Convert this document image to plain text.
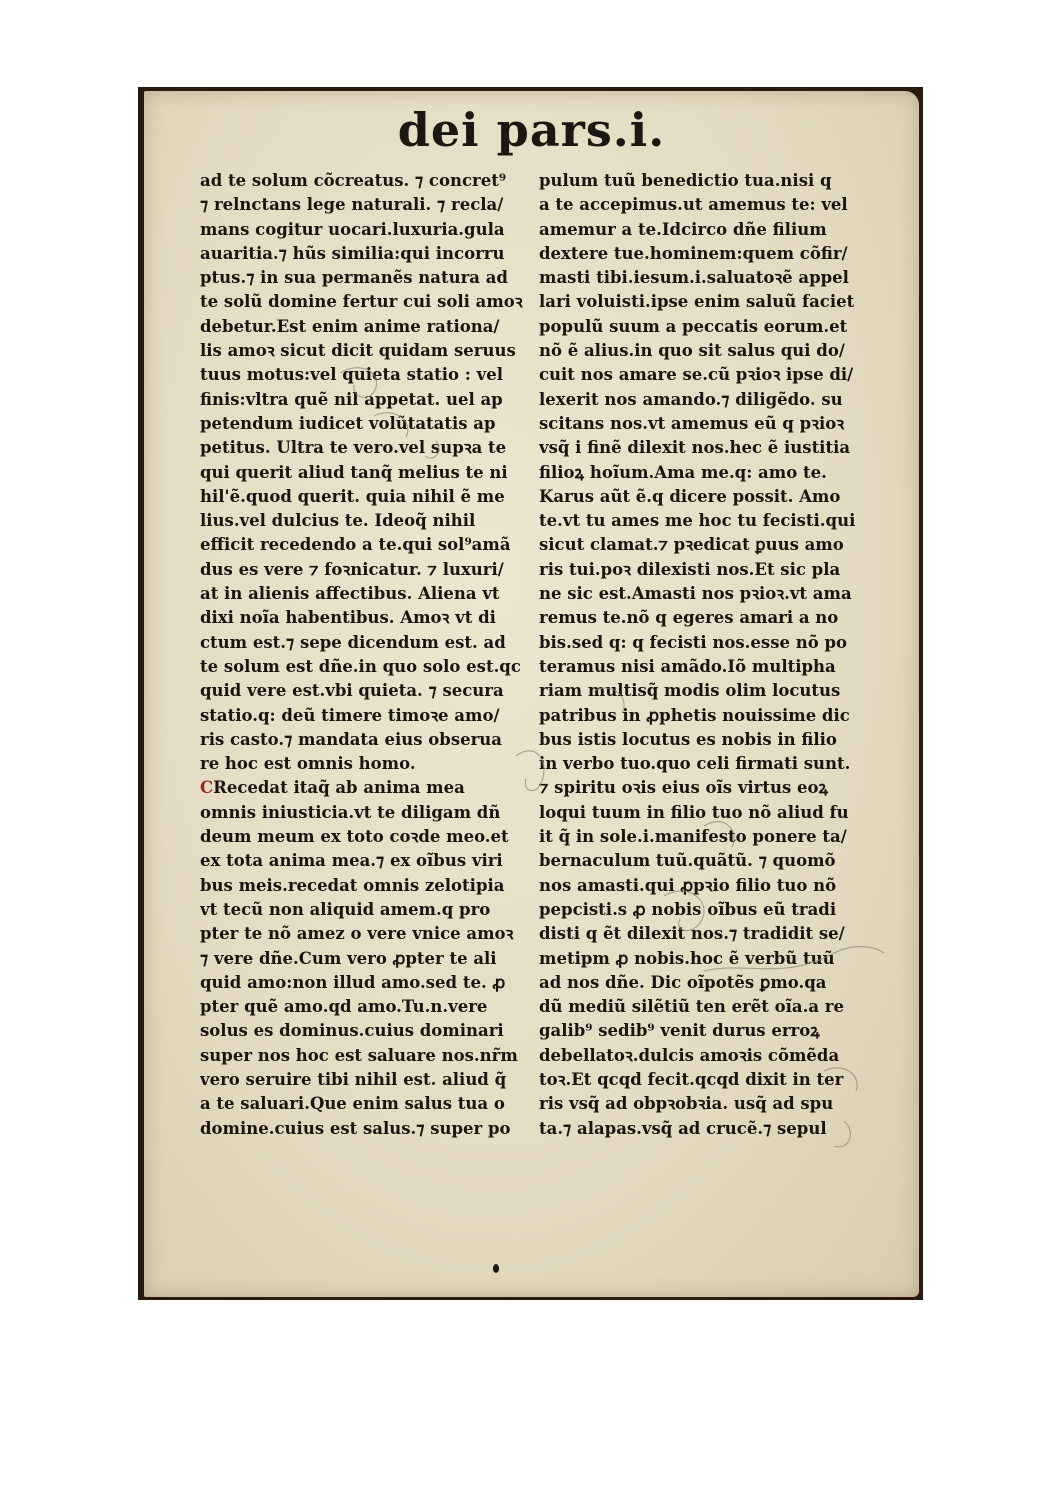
dei pars.i.
ad te solum cõcreatus. ⁊ concret⁹
⁊ relnctans lege naturali. ⁊ recla/
mans cogitur uocari.luxuria.gula
auaritia.⁊ hũs similia:qui incorru
ptus.⁊ in sua permanẽs natura ad
te solũ domine fertur cui soli amoꝛ
debetur.Est enim anime rationa/
lis amoꝛ sicut dicit quidam seruus
tuus motus:vel quieta statio : vel
finis:vltra quẽ nil appetat. uel ap
petendum iudicet volũtatatis ap
petitus. Ultra te vero.vel supꝛa te
qui querit aliud tanq̃ melius te ni
hil'ẽ.quod querit. quia nihil ẽ me
lius.vel dulcius te. Ideoq̃ nihil
efficit recedendo a te.qui sol⁹amã
dus es vere ⁊ foꝛnicatur. ⁊ luxuri/
at in alienis affectibus. Aliena vt
dixi noĩa habentibus. Amoꝛ vt di
ctum est.⁊ sepe dicendum est. ad
te solum est dñe.in quo solo est.qc
quid vere est.vbi quieta. ⁊ secura
statio.q: deũ timere timoꝛe amo/
ris casto.⁊ mandata eius obserua
re hoc est omnis homo.
CRecedat itaq̃ ab anima mea
omnis iniusticia.vt te diligam dñ
deum meum ex toto coꝛde meo.et
ex tota anima mea.⁊ ex oĩbus viri
bus meis.recedat omnis zelotipia
vt tecũ non aliquid amem.q pro
pter te nõ amez o vere vnice amoꝛ
⁊ vere dñe.Cum vero ꝓpter te ali
quid amo:non illud amo.sed te. ꝓ
pter quẽ amo.qd amo.Tu.n.vere
solus es dominus.cuius dominari
super nos hoc est saluare nos.nr̃m
vero seruire tibi nihil est. aliud q̃
a te saluari.Que enim salus tua o
domine.cuius est salus.⁊ super po
pulum tuũ benedictio tua.nisi q
a te accepimus.ut amemus te: vel
amemur a te.Idcirco dñe filium
dextere tue.hominem:quem cõfir/
masti tibi.iesum.i.saluatoꝛẽ appel
lari voluisti.ipse enim saluũ faciet
populũ suum a peccatis eorum.et
nõ ẽ alius.in quo sit salus qui do/
cuit nos amare se.cũ pꝛioꝛ ipse di/
lexerit nos amando.⁊ diligẽdo. su
scitans nos.vt amemus eũ q pꝛioꝛ
vsq̃ i finẽ dilexit nos.hec ẽ iustitia
filioꝝ hoĩum.Ama me.q: amo te.
Karus aũt ẽ.q dicere possit. Amo
te.vt tu ames me hoc tu fecisti.qui
sicut clamat.⁊ pꝛedicat ꝑuus amo
ris tui.poꝛ dilexisti nos.Et sic pla
ne sic est.Amasti nos pꝛioꝛ.vt ama
remus te.nõ q egeres amari a no
bis.sed q: q fecisti nos.esse nõ po
teramus nisi amãdo.Iõ multipha
riam multisq̃ modis olim locutus
patribus in ꝓphetis nouissime dic
bus istis locutus es nobis in filio
in verbo tuo.quo celi firmati sunt.
⁊ spiritu oꝛis eius oĩs virtus eoꝝ
loqui tuum in filio tuo nõ aliud fu
it q̃ in sole.i.manifesto ponere ta/
bernaculum tuũ.quãtũ. ⁊ quomõ
nos amasti.qui ꝓpꝛio filio tuo nõ
pepcisti.s ꝓ nobis oĩbus eũ tradi
disti q ẽt dilexit nos.⁊ tradidit se/
metipm ꝓ nobis.hoc ẽ verbũ tuũ
ad nos dñe. Dic oĩpotẽs ꝑmo.qa
dũ mediũ silẽtiũ ten erẽt oĩa.a re
galib⁹ sedib⁹ venit durus erroꝝ
debellatoꝛ.dulcis amoꝛis cõmẽda
toꝛ.Et qcqd fecit.qcqd dixit in ter
ris vsq̃ ad obpꝛobꝛia. usq̃ ad spu
ta.⁊ alapas.vsq̃ ad crucẽ.⁊ sepul
